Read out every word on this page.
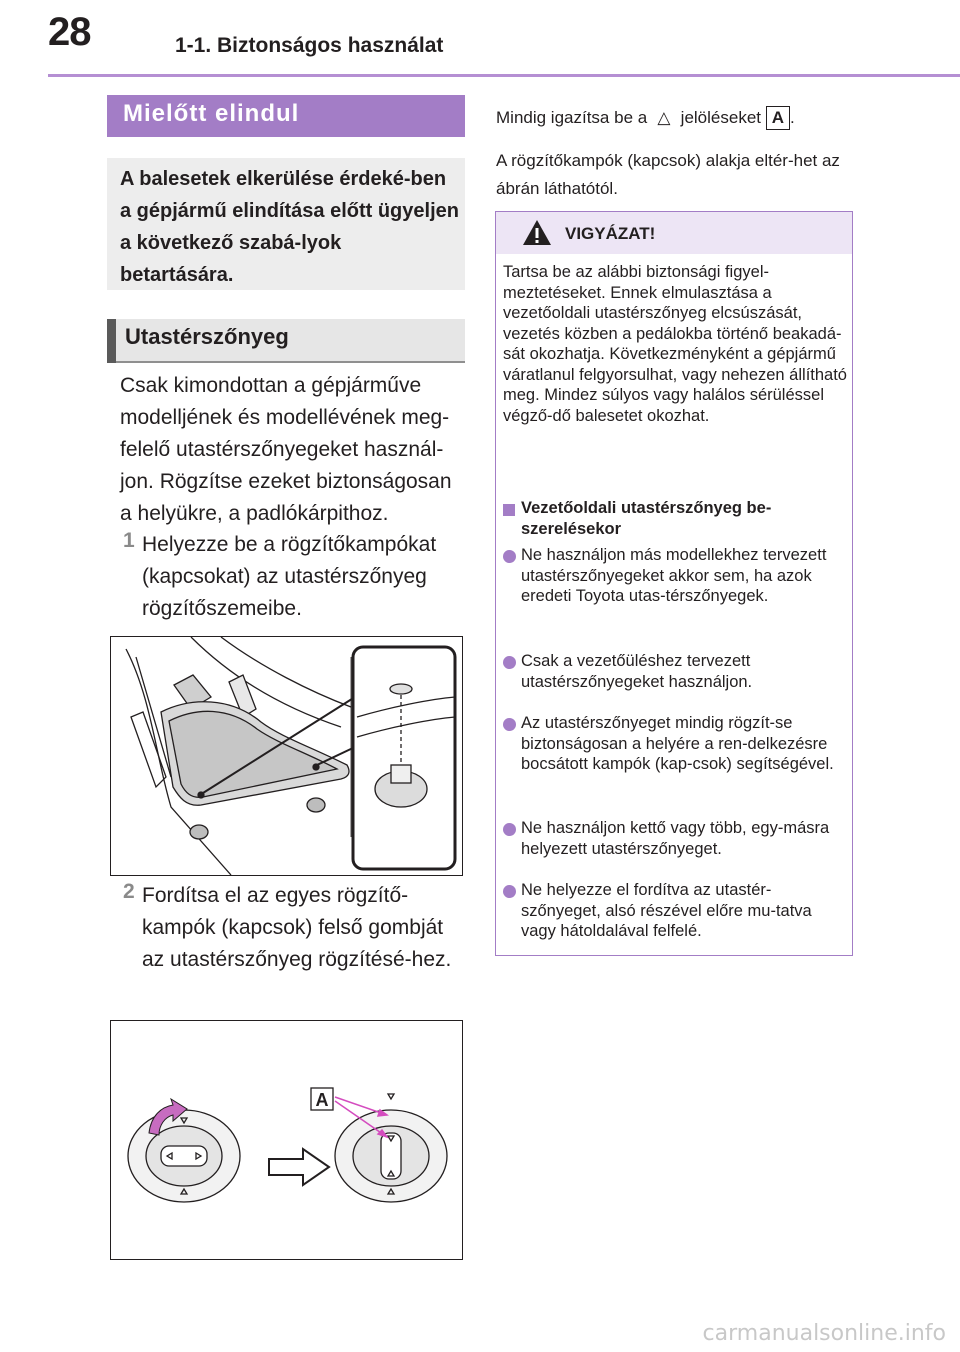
28	1-1. Biztonságos használat
Mielőtt elindul
A balesetek elkerülése érdeké-ben a gépjármű elindítása előtt ügyeljen a következő szabá-lyok betartására.
Utastérszőnyeg
Csak kimondottan a gépjárműve modelljének és modellévének meg-felelő utastérszőnyegeket használ-jon. Rögzítse ezeket biztonságosan a helyükre, a padlókárpithoz.
1 Helyezze be a rögzítőkampókat (kapcsokat) az utastérszőnyeg rögzítőszemeibe.
2 Fordítsa el az egyes rögzítő-kampók (kapcsok) felső gombját az utastérszőnyeg rögzítésé-hez.
A
Mindig igazítsa be a △ jelöléseket A .
A rögzítőkampók (kapcsok) alakja eltér-het az ábrán láthatótól.
VIGYÁZAT!
Tartsa be az alábbi biztonsági figyel-meztetéseket. Ennek elmulasztása a vezetőoldali utastérszőnyeg elcsúszását, vezetés közben a pedálokba történő beakadá-sát okozhatja. Következményként a gépjármű váratlanul felgyorsulhat, vagy nehezen állítható meg. Mindez súlyos vagy halálos sérüléssel végző-dő balesetet okozhat.
Vezetőoldali utastérszőnyeg be-szerelésekor
Ne használjon más modellekhez tervezett utastérszőnyegeket akkor sem, ha azok eredeti Toyota utas-térszőnyegek.
Csak a vezetőüléshez tervezett utastérszőnyegeket használjon.
Az utastérszőnyeget mindig rögzít-se biztonságosan a helyére a ren-delkezésre bocsátott kampók (kap-csok) segítségével.
Ne használjon kettő vagy több, egy-másra helyezett utastérszőnyeget.
Ne helyezze el fordítva az utastér-szőnyeget, alsó részével előre mu-tatva vagy hátoldalával felfelé.
carmanualsonline.info
